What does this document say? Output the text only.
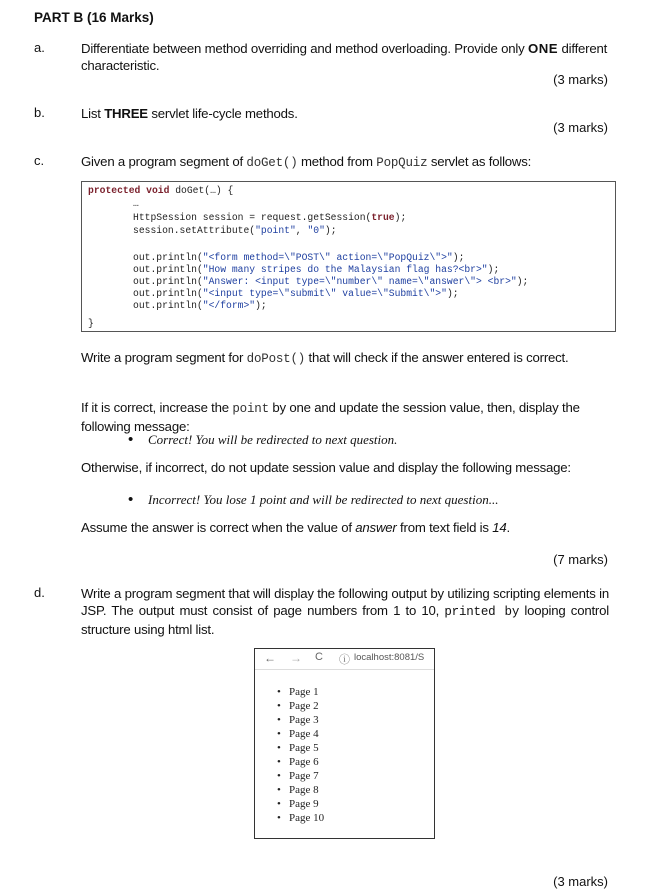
PART B (16 Marks)
a.	Differentiate between method overriding and method overloading. Provide only ONE different characteristic.
(3 marks)
b.	List THREE servlet life-cycle methods.
(3 marks)
c.	Given a program segment of doGet() method from PopQuiz servlet as follows:
protected void doGet(…) {
…
HttpSession session = request.getSession(true);
session.setAttribute("point", "0");
out.println("<form method=\"POST\" action=\"PopQuiz\">");
out.println("How many stripes do the Malaysian flag has?<br>");
out.println("Answer: <input type=\"number\" name=\"answer\"> <br>");
out.println("<input type=\"submit\" value=\"Submit\">");
out.println("</form>");
}
Write a program segment for doPost() that will check if the answer entered is correct.
If it is correct, increase the point by one and update the session value, then, display the following message:
• Correct! You will be redirected to next question.
Otherwise, if incorrect, do not update session value and display the following message:
• Incorrect! You lose 1 point and will be redirected to next question...
Assume the answer is correct when the value of answer from text field is 14.
(7 marks)
d.	Write a program segment that will display the following output by utilizing scripting elements in JSP. The output must consist of page numbers from 1 to 10, printed by looping control structure using html list.
← → C ⓘ localhost:8081/S
• Page 1
• Page 2
• Page 3
• Page 4
• Page 5
• Page 6
• Page 7
• Page 8
• Page 9
• Page 10
(3 marks)
